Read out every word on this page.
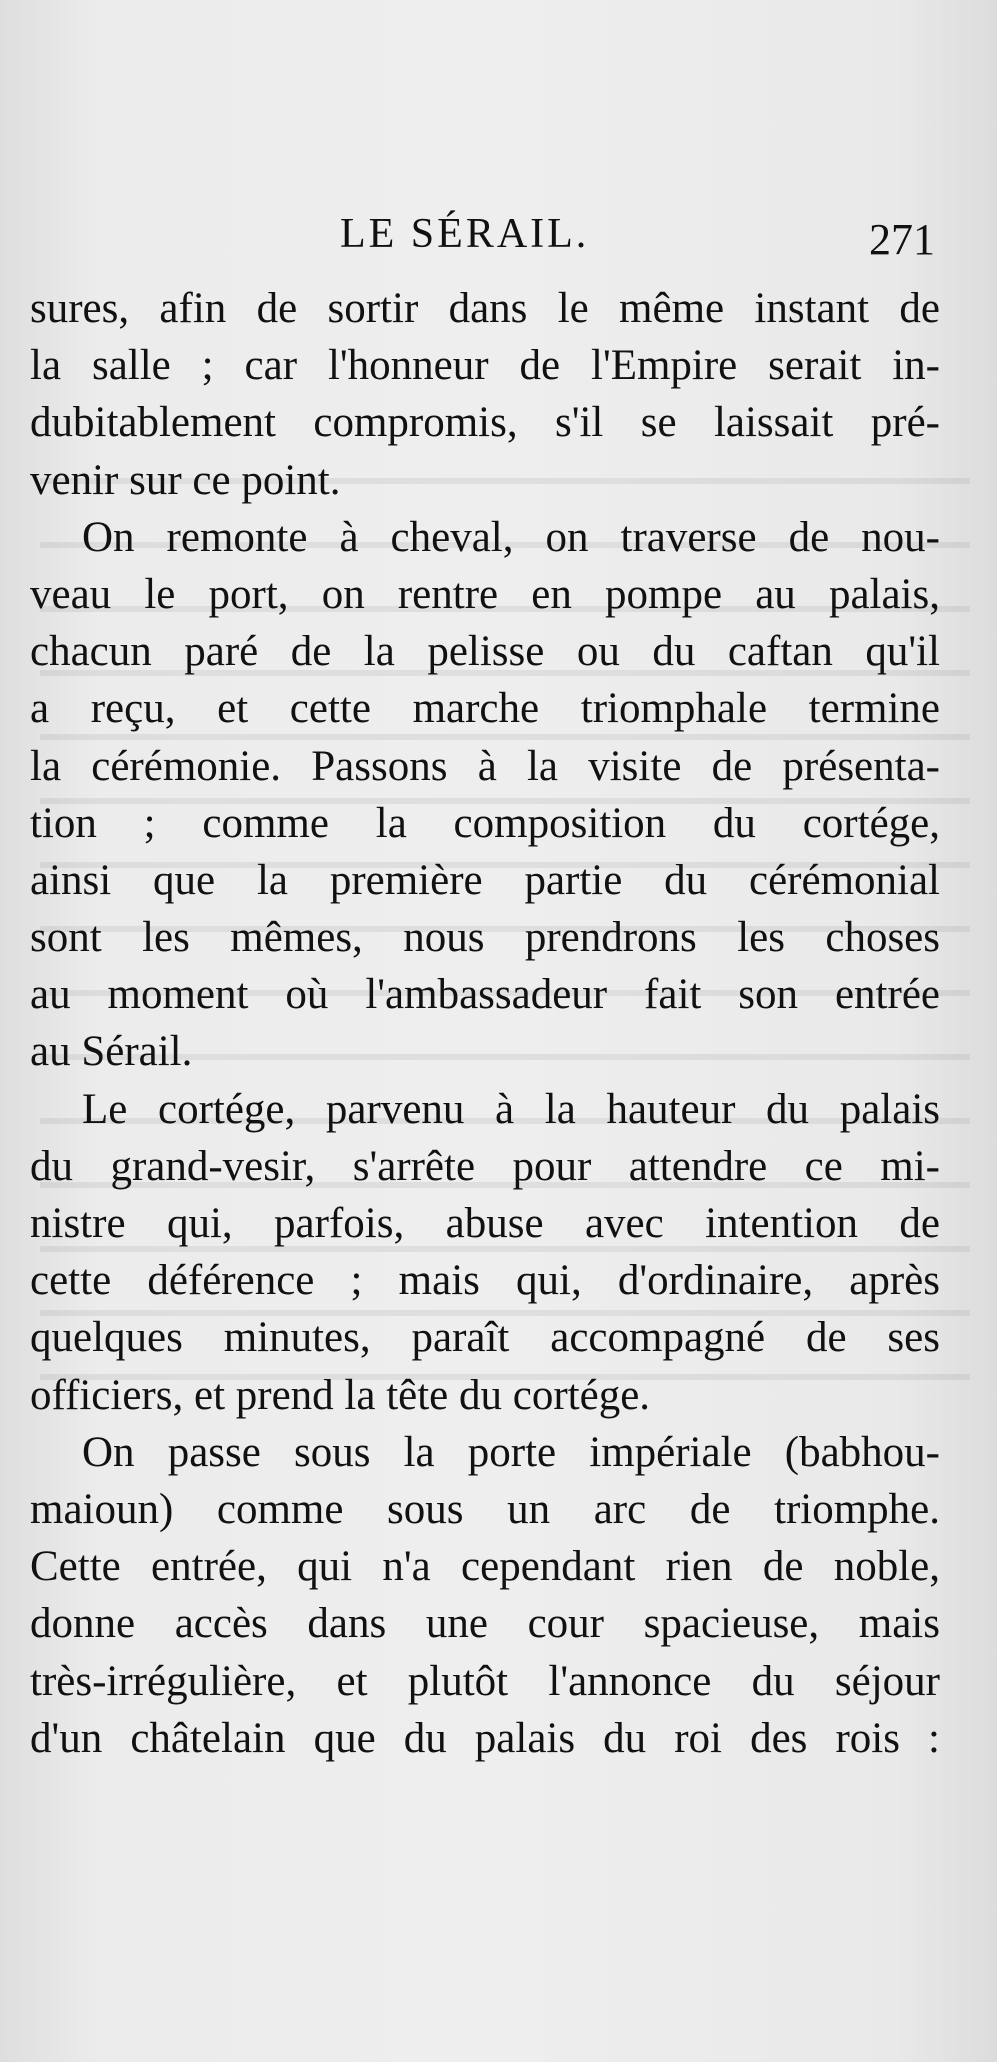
LE SÉRAIL.	271
sures, afin de sortir dans le même instant de
la salle ; car l'honneur de l'Empire serait in-
dubitablement compromis, s'il se laissait pré-
venir sur ce point.
On remonte à cheval, on traverse de nou-
veau le port, on rentre en pompe au palais,
chacun paré de la pelisse ou du caftan qu'il
a reçu, et cette marche triomphale termine
la cérémonie. Passons à la visite de présenta-
tion ; comme la composition du cortége,
ainsi que la première partie du cérémonial
sont les mêmes, nous prendrons les choses
au moment où l'ambassadeur fait son entrée
au Sérail.
Le cortége, parvenu à la hauteur du palais
du grand-vesir, s'arrête pour attendre ce mi-
nistre qui, parfois, abuse avec intention de
cette déférence ; mais qui, d'ordinaire, après
quelques minutes, paraît accompagné de ses
officiers, et prend la tête du cortége.
On passe sous la porte impériale (babhou-
maioun) comme sous un arc de triomphe.
Cette entrée, qui n'a cependant rien de noble,
donne accès dans une cour spacieuse, mais
très-irrégulière, et plutôt l'annonce du séjour
d'un châtelain que du palais du roi des rois :
